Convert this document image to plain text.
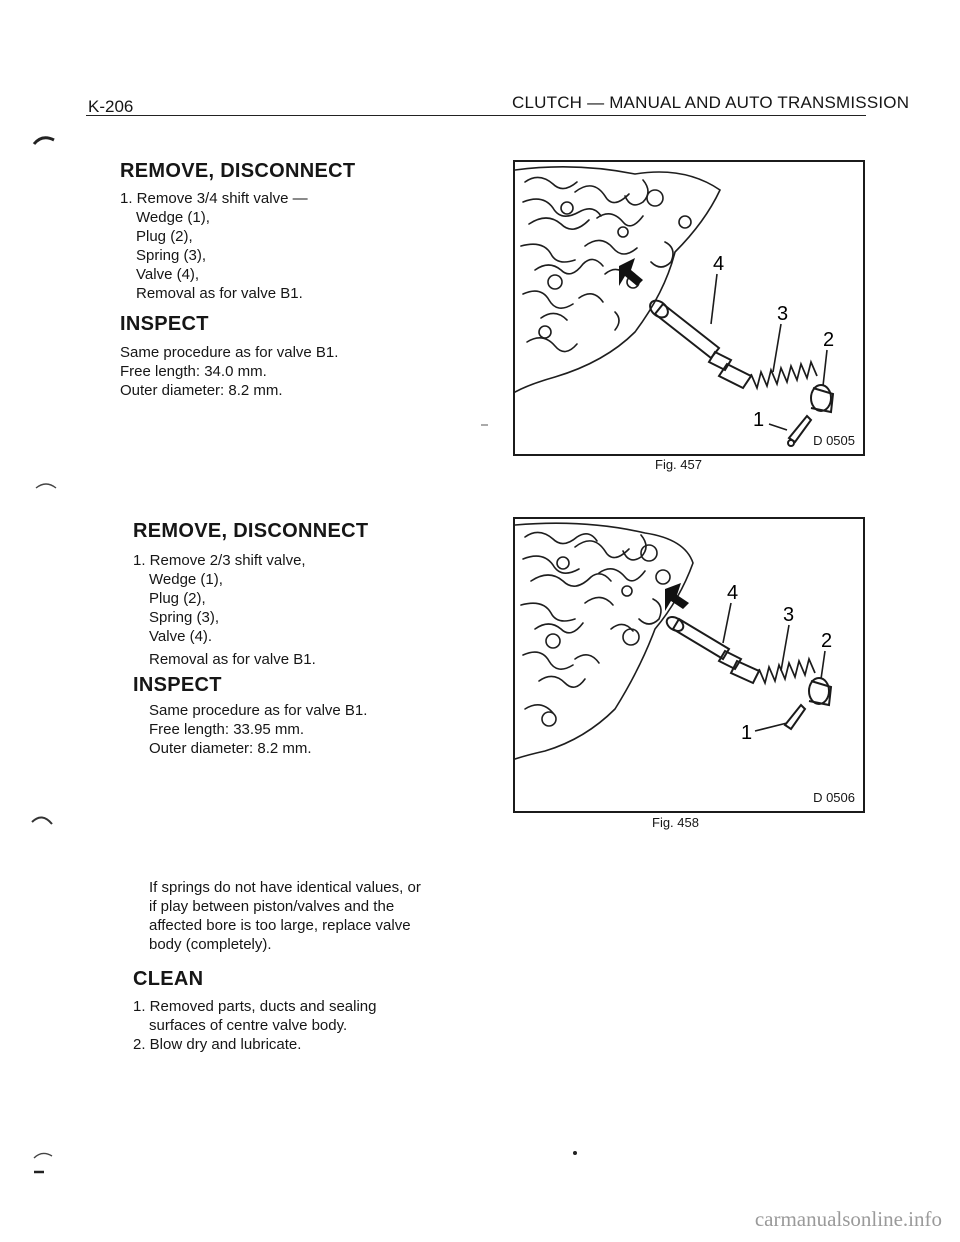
K-206	CLUTCH — MANUAL AND AUTO TRANSMISSION
REMOVE, DISCONNECT
1. Remove 3/4 shift valve —
Wedge (1),
Plug (2),
Spring (3),
Valve (4),
Removal as for valve B1.
INSPECT
Same procedure as for valve B1.
Free length: 34.0 mm.
Outer diameter: 8.2 mm.
4
3
2
1
D 0505
Fig. 457
REMOVE, DISCONNECT
1. Remove 2/3 shift valve,
Wedge (1),
Plug (2),
Spring (3),
Valve (4).
Removal as for valve B1.
INSPECT
Same procedure as for valve B1.
Free length: 33.95 mm.
Outer diameter: 8.2 mm.
4
3
2
1
D 0506
Fig. 458
If springs do not have identical values, or
if play between piston/valves and the
affected bore is too large, replace valve
body (completely).
CLEAN
1. Removed parts, ducts and sealing
surfaces of centre valve body.
2. Blow dry and lubricate.
carmanualsonline.info
